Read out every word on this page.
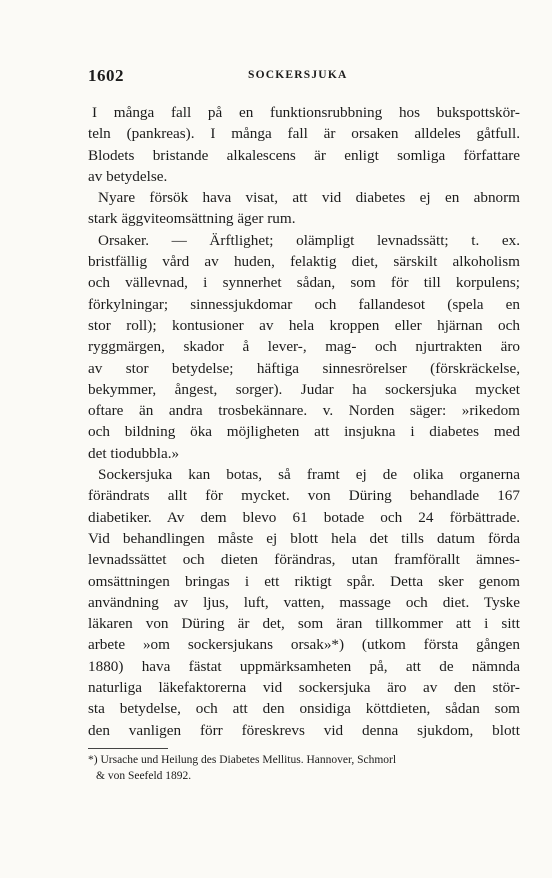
1602	SOCKERSJUKA
I många fall på en funktionsrubbning hos bukspottskör-
teln (pankreas). I många fall är orsaken alldeles gåtfull.
Blodets bristande alkalescens är enligt somliga författare
av betydelse.
Nyare försök hava visat, att vid diabetes ej en abnorm
stark äggviteomsättning äger rum.
Orsaker. — Ärftlighet; olämpligt levnadssätt; t. ex.
bristfällig vård av huden, felaktig diet, särskilt alkoholism
och vällevnad, i synnerhet sådan, som för till korpulens;
förkylningar; sinnessjukdomar och fallandesot (spela en
stor roll); kontusioner av hela kroppen eller hjärnan och
ryggmärgen, skador å lever-, mag- och njurtrakten äro
av stor betydelse; häftiga sinnesrörelser (förskräckelse,
bekymmer, ångest, sorger). Judar ha sockersjuka mycket
oftare än andra trosbekännare. v. Norden säger: »rikedom
och bildning öka möjligheten att insjukna i diabetes med
det tiodubbla.»
Sockersjuka kan botas, så framt ej de olika organerna
förändrats allt för mycket. von Düring behandlade 167
diabetiker. Av dem blevo 61 botade och 24 förbättrade.
Vid behandlingen måste ej blott hela det tills datum förda
levnadssättet och dieten förändras, utan framförallt ämnes-
omsättningen bringas i ett riktigt spår. Detta sker genom
användning av ljus, luft, vatten, massage och diet. Tyske
läkaren von Düring är det, som äran tillkommer att i sitt
arbete »om sockersjukans orsak»*) (utkom första gången
1880) hava fästat uppmärksamheten på, att de nämnda
naturliga läkefaktorerna vid sockersjuka äro av den stör-
sta betydelse, och att den onsidiga köttdieten, sådan som
den vanligen förr föreskrevs vid denna sjukdom, blott
*) Ursache und Heilung des Diabetes Mellitus. Hannover, Schmorl
& von Seefeld 1892.
